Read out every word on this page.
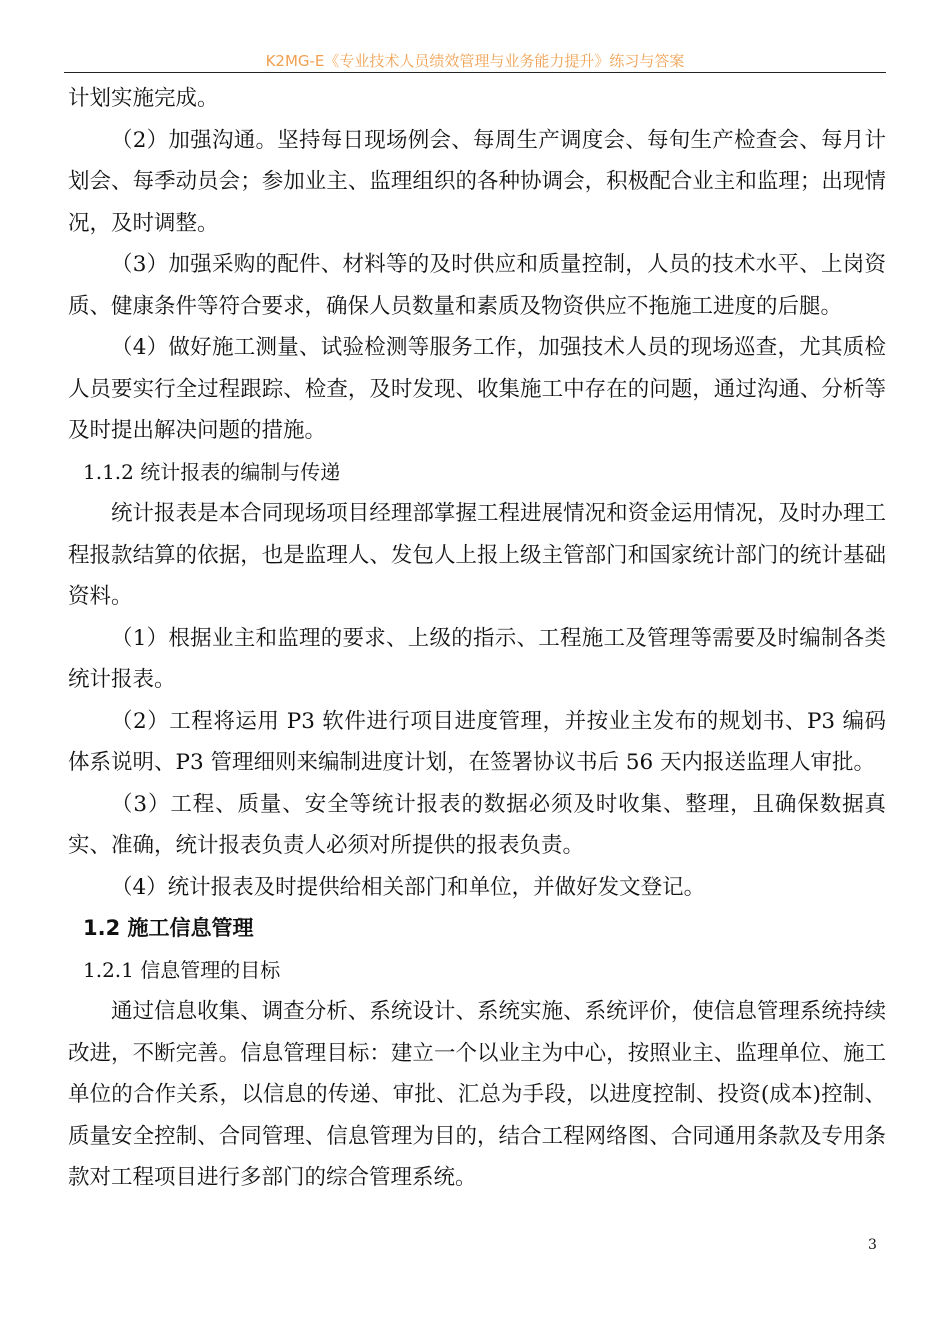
K2MG-E《专业技术人员绩效管理与业务能力提升》练习与答案

计划实施完成。

（2）加强沟通。坚持每日现场例会、每周生产调度会、每旬生产检查会、每月计划会、每季动员会；参加业主、监理组织的各种协调会，积极配合业主和监理；出现情况，及时调整。

（3）加强采购的配件、材料等的及时供应和质量控制，人员的技术水平、上岗资质、健康条件等符合要求，确保人员数量和素质及物资供应不拖施工进度的后腿。

（4）做好施工测量、试验检测等服务工作，加强技术人员的现场巡查，尤其质检人员要实行全过程跟踪、检查，及时发现、收集施工中存在的问题，通过沟通、分析等及时提出解决问题的措施。

1.1.2 统计报表的编制与传递

统计报表是本合同现场项目经理部掌握工程进展情况和资金运用情况，及时办理工程报款结算的依据，也是监理人、发包人上报上级主管部门和国家统计部门的统计基础资料。

（1）根据业主和监理的要求、上级的指示、工程施工及管理等需要及时编制各类统计报表。

（2）工程将运用 P3 软件进行项目进度管理，并按业主发布的规划书、P3 编码体系说明、P3 管理细则来编制进度计划，在签署协议书后 56 天内报送监理人审批。

（3）工程、质量、安全等统计报表的数据必须及时收集、整理，且确保数据真实、准确，统计报表负责人必须对所提供的报表负责。

（4）统计报表及时提供给相关部门和单位，并做好发文登记。

1.2 施工信息管理
1.2.1 信息管理的目标

通过信息收集、调查分析、系统设计、系统实施、系统评价，使信息管理系统持续改进，不断完善。信息管理目标：建立一个以业主为中心，按照业主、监理单位、施工单位的合作关系，以信息的传递、审批、汇总为手段，以进度控制、投资(成本)控制、质量安全控制、合同管理、信息管理为目的，结合工程网络图、合同通用条款及专用条款对工程项目进行多部门的综合管理系统。

3
